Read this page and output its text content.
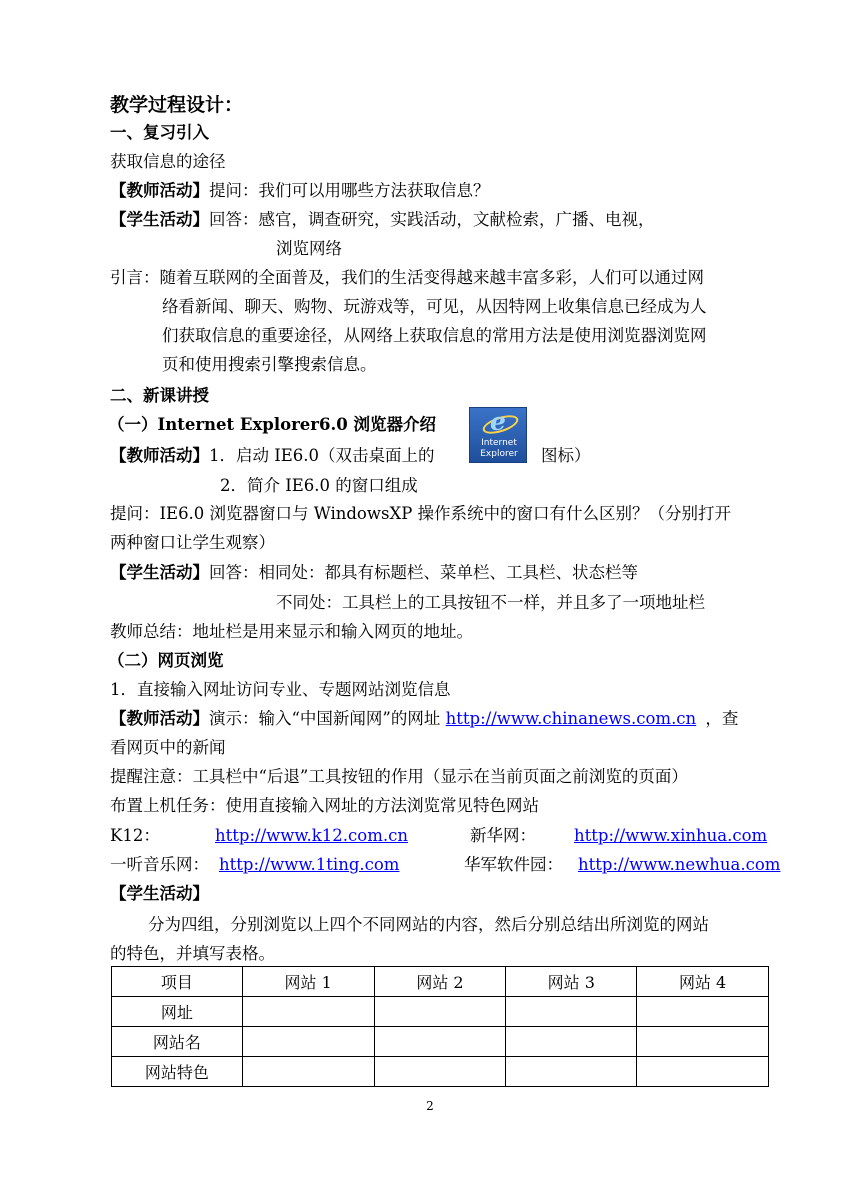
教学过程设计：
一、复习引入
获取信息的途径
【教师活动】提问：我们可以用哪些方法获取信息？
【学生活动】回答：感官，调查研究，实践活动，文献检索，广播、电视，
浏览网络
引言：随着互联网的全面普及，我们的生活变得越来越丰富多彩，人们可以通过网
络看新闻、聊天、购物、玩游戏等，可见，从因特网上收集信息已经成为人
们获取信息的重要途径，从网络上获取信息的常用方法是使用浏览器浏览网
页和使用搜索引擎搜索信息。
二、新课讲授
（一）Internet Explorer6.0 浏览器介绍 e
Internet
Explorer
【教师活动】1．启动 IE6.0（双击桌面上的	图标）
2．简介 IE6.0 的窗口组成
提问：IE6.0 浏览器窗口与 WindowsXP 操作系统中的窗口有什么区别？（分别打开
两种窗口让学生观察）
【学生活动】回答：相同处：都具有标题栏、菜单栏、工具栏、状态栏等
不同处：工具栏上的工具按钮不一样，并且多了一项地址栏
教师总结：地址栏是用来显示和输入网页的地址。
（二）网页浏览
1．直接输入网址访问专业、专题网站浏览信息
【教师活动】演示：输入“中国新闻网”的网址 http://www.chinanews.com.cn ，查
看网页中的新闻
提醒注意：工具栏中“后退”工具按钮的作用（显示在当前页面之前浏览的页面）
布置上机任务：使用直接输入网址的方法浏览常见特色网站
K12：	http://www.k12.com.cn	新华网： http://www.xinhua.com
一听音乐网： http://www.1ting.com	华军软件园： http://www.newhua.com
【学生活动】
分为四组，分别浏览以上四个不同网站的内容，然后分别总结出所浏览的网站
的特色，并填写表格。
项目	网站 1	网站 2	网站 3	网站 4
网址				
网站名				
网站特色				
2
